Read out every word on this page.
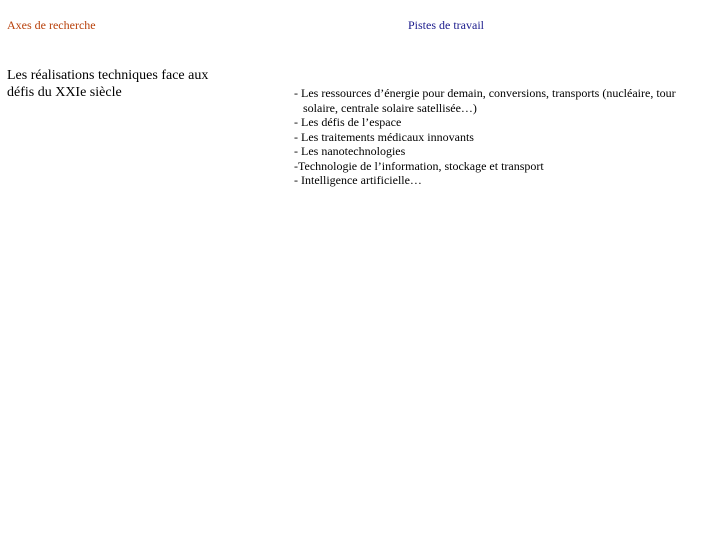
Axes de recherche	Pistes de travail
Les réalisations techniques face aux
défis du XXIe siècle	- Les ressources d’énergie pour demain, conversions, transports (nucléaire, tour solaire, centrale solaire satellisée…)
- Les défis de l’espace
- Les traitements médicaux innovants
- Les nanotechnologies
-Technologie de l’information, stockage et transport
- Intelligence artificielle…
